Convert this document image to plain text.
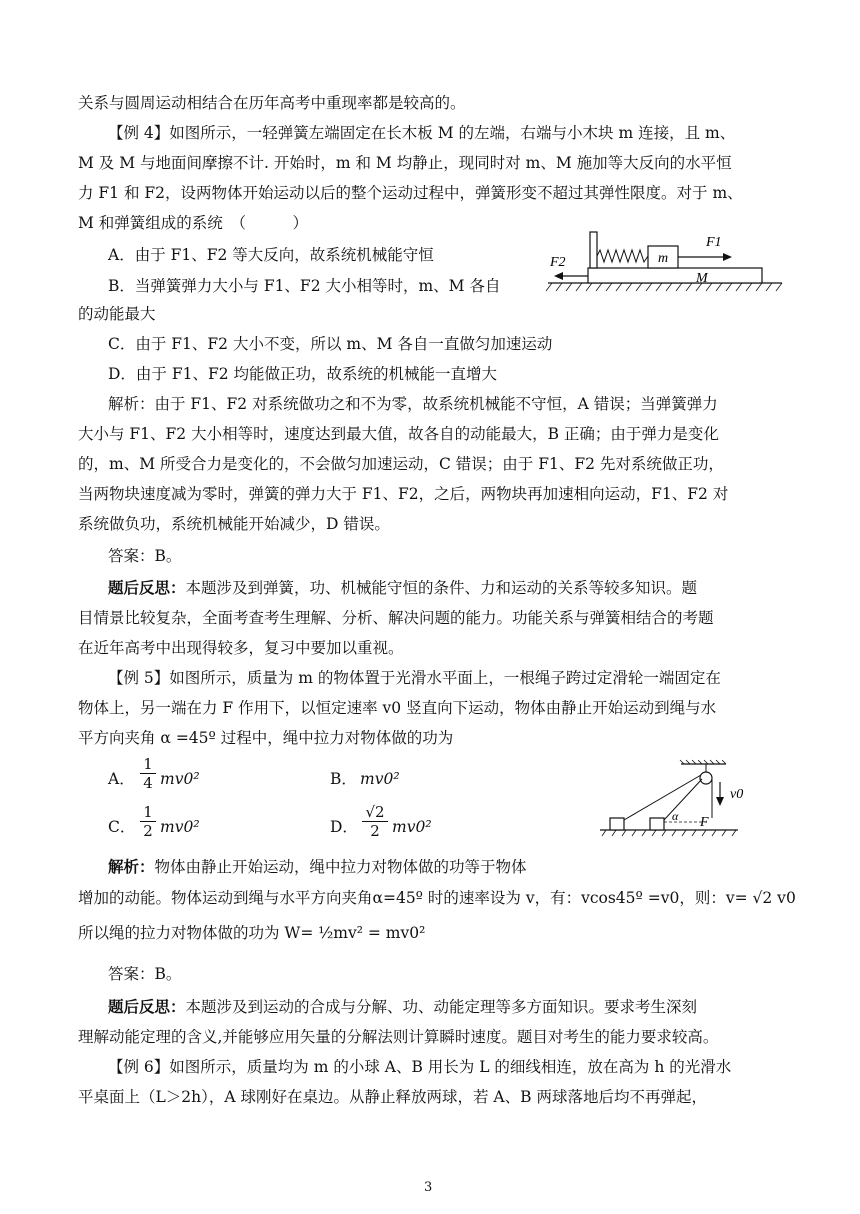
关系与圆周运动相结合在历年高考中重现率都是较高的。
【例 4】如图所示，一轻弹簧左端固定在长木板 M 的左端，右端与小木块 m 连接，且 m、
M 及 M 与地面间摩擦不计. 开始时，m 和 M 均静止，现同时对 m、M 施加等大反向的水平恒
力 F1 和 F2，设两物体开始运动以后的整个运动过程中，弹簧形变不超过其弹性限度。对于 m、
M 和弹簧组成的系统　（　　　）
A．由于 F1、F2 等大反向，故系统机械能守恒
B．当弹簧弹力大小与 F1、F2 大小相等时，m、M 各自
的动能最大
C．由于 F1、F2 大小不变，所以 m、M 各自一直做匀加速运动
D．由于 F1、F2 均能做正功，故系统的机械能一直增大
解析：由于 F1、F2 对系统做功之和不为零，故系统机械能不守恒，A 错误；当弹簧弹力
大小与 F1、F2 大小相等时，速度达到最大值，故各自的动能最大，B 正确；由于弹力是变化
的，m、M 所受合力是变化的，不会做匀加速运动，C 错误；由于 F1、F2 先对系统做正功，
当两物块速度减为零时，弹簧的弹力大于 F1、F2，之后，两物块再加速相向运动，F1、F2 对
系统做负功，系统机械能开始减少，D 错误。
答案：B。
题后反思：本题涉及到弹簧，功、机械能守恒的条件、力和运动的关系等较多知识。题
目情景比较复杂，全面考查考生理解、分析、解决问题的能力。功能关系与弹簧相结合的考题
在近年高考中出现得较多，复习中要加以重视。
【例 5】如图所示，质量为 m 的物体置于光滑水平面上，一根绳子跨过定滑轮一端固定在
物体上，另一端在力 F 作用下，以恒定速率 v0 竖直向下运动，物体由静止开始运动到绳与水
平方向夹角 α =45º 过程中，绳中拉力对物体做的功为
A． $\frac{1}{4} mv0^2$	B． mv0²
C． $\frac{1}{2} mv0^2$	D． $\frac{√2}{2} mv0^2$
解析：物体由静止开始运动，绳中拉力对物体做的功等于物体
增加的动能。物体运动到绳与水平方向夹角α=45º 时的速率设为 v，有：vcos45º =v0，则：v= √2 v0
所以绳的拉力对物体做的功为 W= ½mv² = mv0²
答案：B。
题后反思：本题涉及到运动的合成与分解、功、动能定理等多方面知识。要求考生深刻
理解动能定理的含义,并能够应用矢量的分解法则计算瞬时速度。题目对考生的能力要求较高。
【例 6】如图所示，质量均为 m 的小球 A、B 用长为 L 的细线相连，放在高为 h 的光滑水
平桌面上（L＞2h），A 球刚好在桌边。从静止释放两球，若 A、B 两球落地后均不再弹起，
3
m
F1
F2
M
α F
v0
